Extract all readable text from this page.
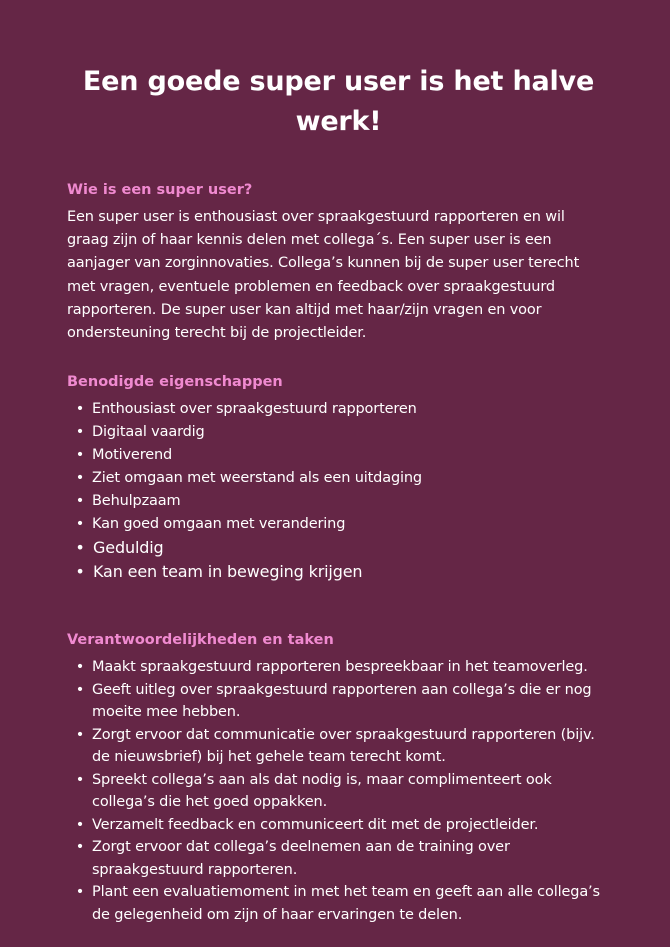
Een goede super user is het halve werk!
Wie is een super user?

Een super user is enthousiast over spraakgestuurd rapporteren en wil graag zijn of haar kennis delen met collega´s. Een super user is een aanjager van zorginnovaties. Collega’s kunnen bij de super user terecht met vragen, eventuele problemen en feedback over spraakgestuurd rapporteren. De super user kan altijd met haar/zijn vragen en voor ondersteuning terecht bij de projectleider.

Benodigde eigenschappen
• Enthousiast over spraakgestuurd rapporteren
• Digitaal vaardig
• Motiverend
• Ziet omgaan met weerstand als een uitdaging
• Behulpzaam
• Kan goed omgaan met verandering
• Geduldig
• Kan een team in beweging krijgen
Verantwoordelijkheden en taken
• Maakt spraakgestuurd rapporteren bespreekbaar in het teamoverleg.
• Geeft uitleg over spraakgestuurd rapporteren aan collega’s die er nog moeite mee hebben.
• Zorgt ervoor dat communicatie over spraakgestuurd rapporteren (bijv. de nieuwsbrief) bij het gehele team terecht komt.
• Spreekt collega’s aan als dat nodig is, maar complimenteert ook collega’s die het goed oppakken.
• Verzamelt feedback en communiceert dit met de projectleider.
• Zorgt ervoor dat collega’s deelnemen aan de training over spraakgestuurd rapporteren.
• Plant een evaluatiemoment in met het team en geeft aan alle collega’s de gelegenheid om zijn of haar ervaringen te delen.
